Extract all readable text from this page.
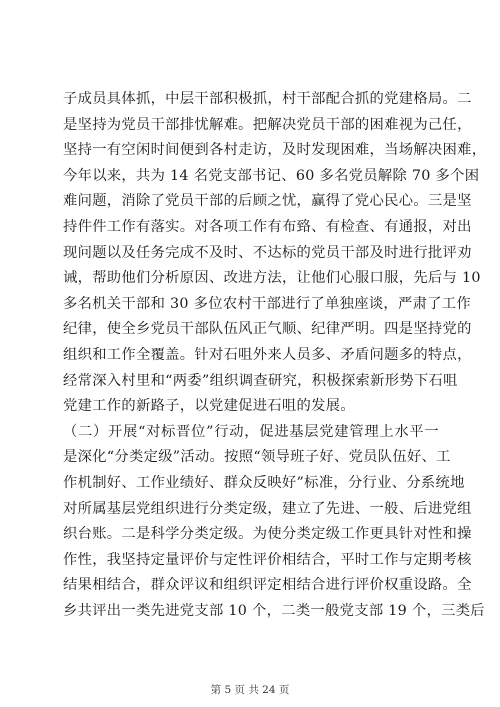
子成员具体抓，中层干部积极抓，村干部配合抓的党建格局。二
是坚持为党员干部排忧解难。把解决党员干部的困难视为己任，
坚持一有空闲时间便到各村走访，及时发现困难，当场解决困难，
今年以来，共为 14 名党支部书记、60 多名党员解除 70 多个困
难问题，消除了党员干部的后顾之忧，赢得了党心民心。三是坚
持件件工作有落实。对各项工作有布臵、有检查、有通报，对出
现问题以及任务完成不及时、不达标的党员干部及时进行批评劝
诫，帮助他们分析原因、改进方法，让他们心服口服，先后与 10
多名机关干部和 30 多位农村干部进行了单独座谈，严肃了工作
纪律，使全乡党员干部队伍风正气顺、纪律严明。四是坚持党的
组织和工作全覆盖。针对石咀外来人员多、矛盾问题多的特点，
经常深入村里和“两委”组织调查研究，积极探索新形势下石咀
党建工作的新路子，以党建促进石咀的发展。
（二）开展“对标晋位”行动，促进基层党建管理上水平一
是深化“分类定级”活动。按照“领导班子好、党员队伍好、工
作机制好、工作业绩好、群众反映好”标准，分行业、分系统地
对所属基层党组织进行分类定级，建立了先进、一般、后进党组
织台账。二是科学分类定级。为使分类定级工作更具针对性和操
作性，我坚持定量评价与定性评价相结合，平时工作与定期考核
结果相结合，群众评议和组织评定相结合进行评价权重设路。全
乡共评出一类先进党支部 10 个，二类一般党支部 19 个，三类后
第 5 页 共 24 页
